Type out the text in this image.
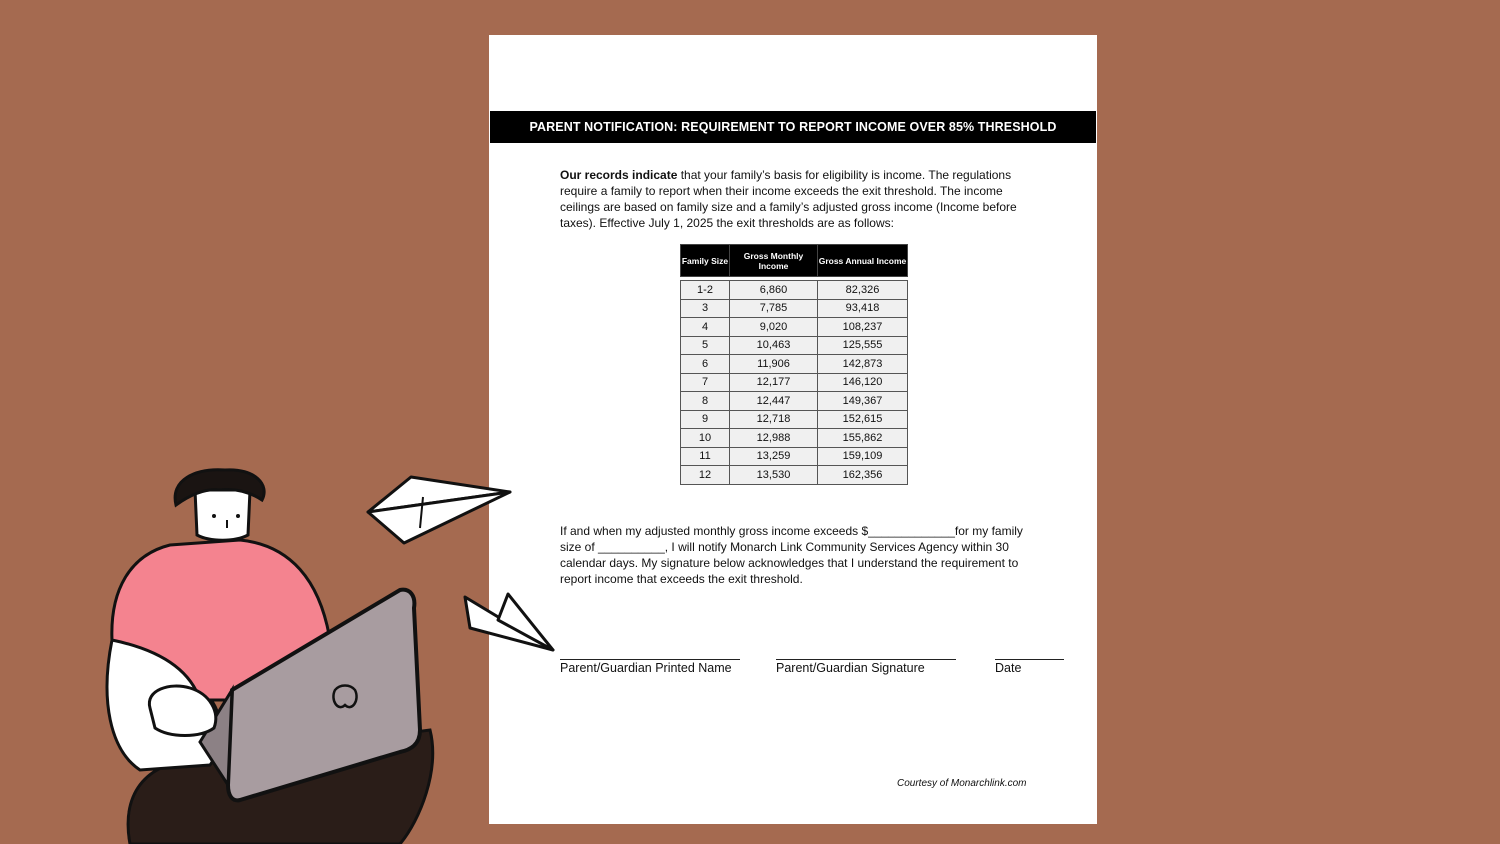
PARENT NOTIFICATION: REQUIREMENT TO REPORT INCOME OVER 85% THRESHOLD
Our records indicate that your family’s basis for eligibility is income. The regulations require a family to report when their income exceeds the exit threshold. The income ceilings are based on family size and a family’s adjusted gross income (Income before taxes). Effective July 1, 2025 the exit thresholds are as follows:
Family Size	Gross Monthly Income	Gross Annual Income

1-2	6,860	82,326
3	7,785	93,418
4	9,020	108,237
5	10,463	125,555
6	11,906	142,873
7	12,177	146,120
8	12,447	149,367
9	12,718	152,615
10	12,988	155,862
11	13,259	159,109
12	13,530	162,356
If and when my adjusted monthly gross income exceeds $_____________for my family size of __________, I will notify Monarch Link Community Services Agency within 30 calendar days. My signature below acknowledges that I understand the requirement to report income that exceeds the exit threshold.
Parent/Guardian Printed Name	Parent/Guardian Signature	Date
Courtesy of Monarchlink.com
